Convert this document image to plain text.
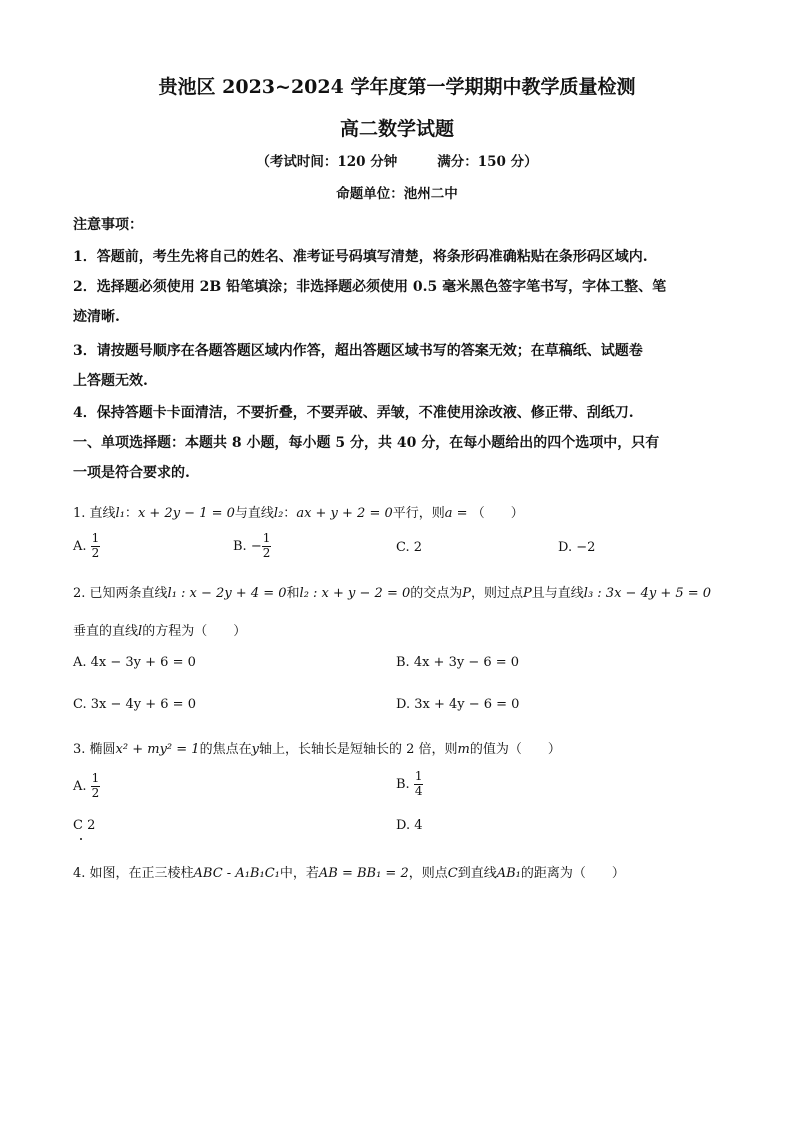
贵池区 2023~2024 学年度第一学期期中教学质量检测
高二数学试题
（考试时间：120 分钟	满分：150 分）
命题单位：池州二中
注意事项：
1．答题前，考生先将自己的姓名、准考证号码填写清楚，将条形码准确粘贴在条形码区域内.
2．选择题必须使用 2B 铅笔填涂；非选择题必须使用 0.5 毫米黑色签字笔书写，字体工整、笔
迹清晰.
3．请按题号顺序在各题答题区域内作答，超出答题区域书写的答案无效；在草稿纸、试题卷
上答题无效.
4．保持答题卡卡面清洁，不要折叠，不要弄破、弄皱，不准使用涂改液、修正带、刮纸刀.
一、单项选择题：本题共 8 小题，每小题 5 分，共 40 分，在每小题给出的四个选项中，只有
一项是符合要求的.
1. 直线l₁：x + 2y − 1 = 0与直线l₂：ax + y + 2 = 0平行，则a = （　　）
A. $\frac{1}{2}$	B. − $\frac{1}{2}$	C. 2	D. −2
2. 已知两条直线l₁ : x − 2y + 4 = 0和l₂ : x + y − 2 = 0的交点为P，则过点P且与直线l₃ : 3x − 4y + 5 = 0
垂直的直线l的方程为（　　）
A. 4x − 3y + 6 = 0	B. 4x + 3y − 6 = 0
C. 3x − 4y + 6 = 0	D. 3x + 4y − 6 = 0
3. 椭圆x² + my² = 1的焦点在y轴上，长轴长是短轴长的 2 倍，则m的值为（　　）
A. $\frac{1}{2}$	B. $\frac{1}{4}$
C 2	D. 4
4. 如图，在正三棱柱ABC - A₁B₁C₁中，若AB = BB₁ = 2，则点C到直线AB₁的距离为（　　）
